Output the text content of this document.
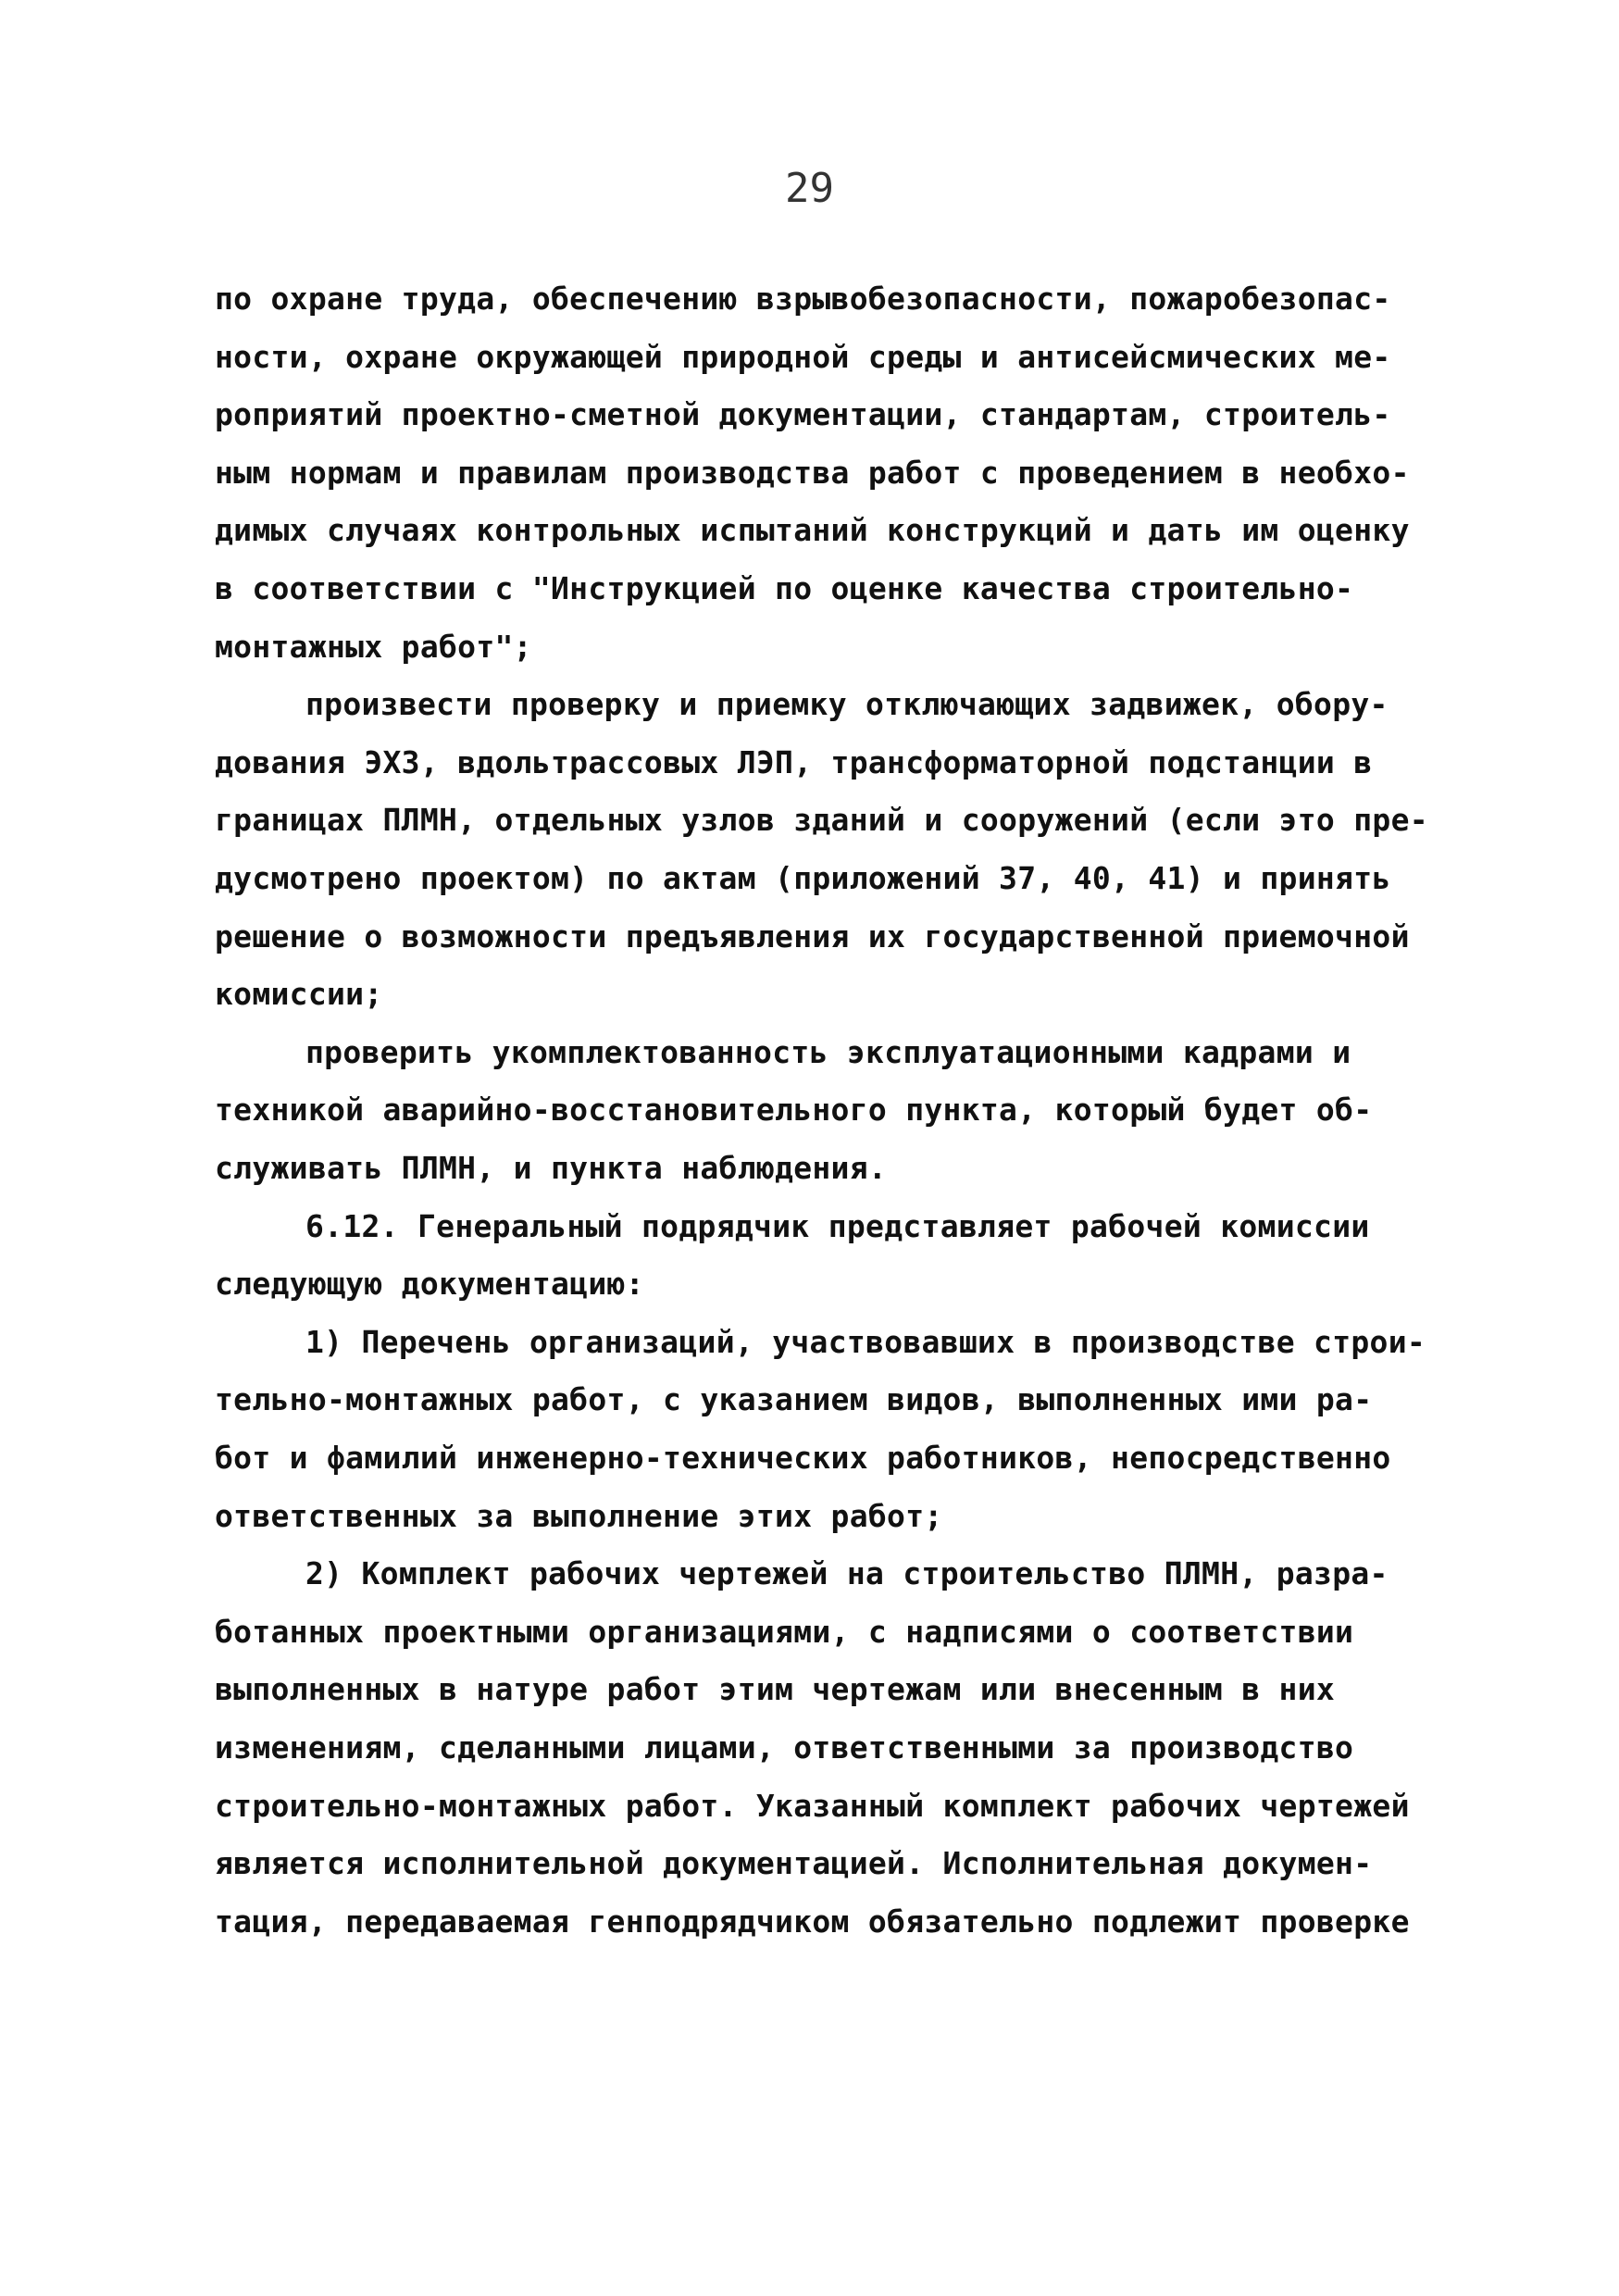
29
по охране труда, обеспечению взрывобезопасности, пожаробезопас-
ности, охране окружающей природной среды и антисейсмических ме-
роприятий проектно-сметной документации, стандартам, строитель-
ным нормам и правилам производства работ с проведением в необхо-
димых случаях контрольных испытаний конструкций и дать им оценку
в соответствии с "Инструкцией по оценке качества строительно-
монтажных работ";
произвести проверку и приемку отключающих задвижек, обору-
дования ЭХЗ, вдольтрассовых ЛЭП, трансформаторной подстанции в
границах ПЛМН, отдельных узлов зданий и сооружений (если это пре-
дусмотрено проектом) по актам (приложений 37, 40, 41) и принять
решение о возможности предъявления их государственной приемочной
комиссии;
проверить укомплектованность эксплуатационными кадрами и
техникой аварийно-восстановительного пункта, который будет об-
служивать ПЛМН, и пункта наблюдения.
6.12. Генеральный подрядчик представляет рабочей комиссии
следующую документацию:
1) Перечень организаций, участвовавших в производстве строи-
тельно-монтажных работ, с указанием видов, выполненных ими ра-
бот и фамилий инженерно-технических работников, непосредственно
ответственных за выполнение этих работ;
2) Комплект рабочих чертежей на строительство ПЛМН, разра-
ботанных проектными организациями, с надписями о соответствии
выполненных в натуре работ этим чертежам или внесенным в них
изменениям, сделанными лицами, ответственными за производство
строительно-монтажных работ. Указанный комплект рабочих чертежей
является исполнительной документацией. Исполнительная докумен-
тация, передаваемая генподрядчиком обязательно подлежит проверке
